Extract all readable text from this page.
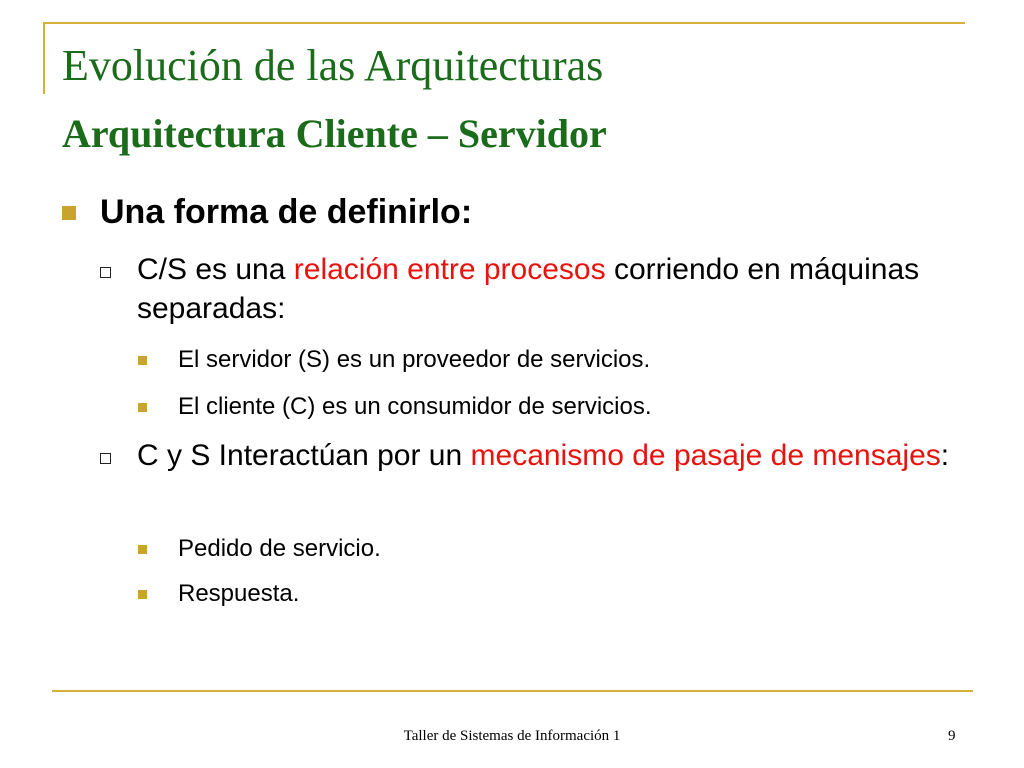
Evolución de las Arquitecturas
Arquitectura Cliente – Servidor
Una forma de definirlo:
C/S es una relación entre procesos corriendo en máquinas separadas:
El servidor (S) es un proveedor de servicios.
El cliente (C) es un consumidor de servicios.
C y S Interactúan por un mecanismo de pasaje de mensajes:
Pedido de servicio.
Respuesta.
Taller de Sistemas de Información 1	9
